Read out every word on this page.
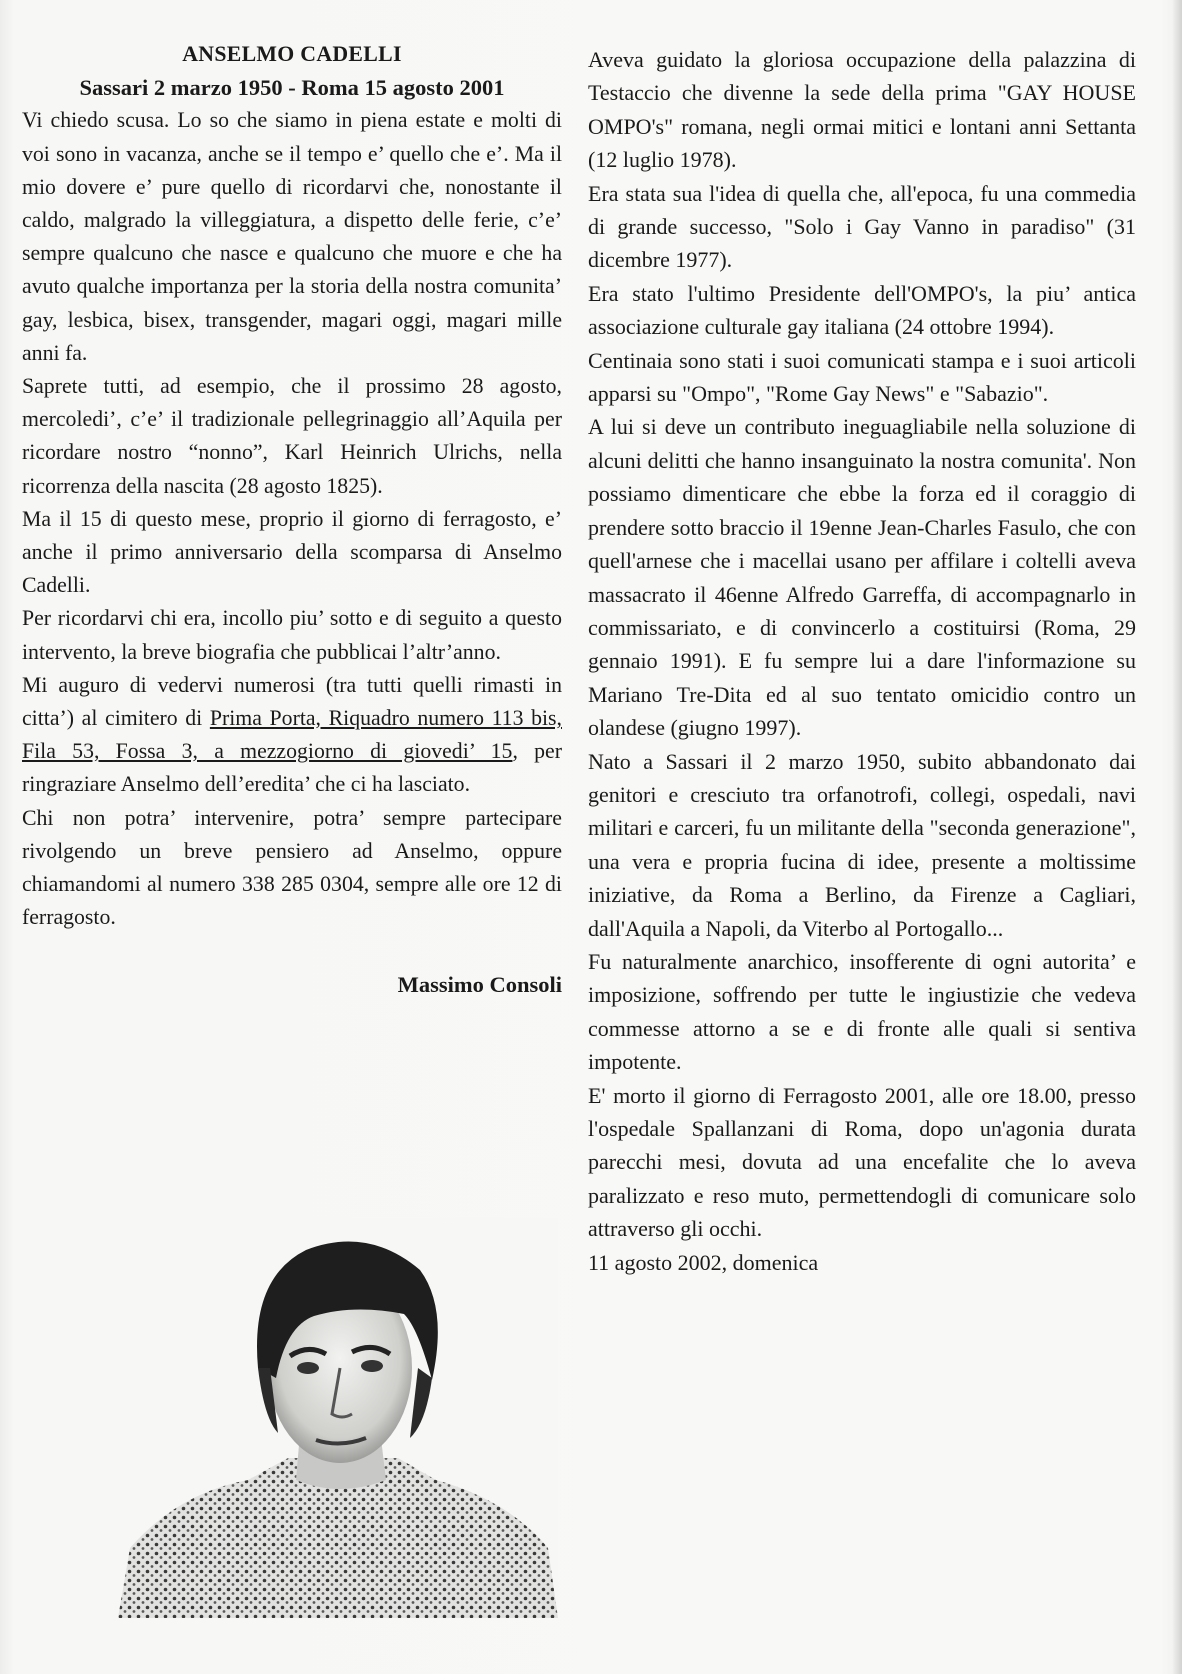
ANSELMO CADELLI
Sassari 2 marzo 1950 - Roma 15 agosto 2001

Vi chiedo scusa. Lo so che siamo in piena estate e molti di voi sono in vacanza, anche se il tempo e’ quello che e’. Ma il mio dovere e’ pure quello di ricordarvi che, nonostante il caldo, malgrado la villeggiatura, a dispetto delle ferie, c’e’ sempre qualcuno che nasce e qualcuno che muore e che ha avuto qualche importanza per la storia della nostra comunita’ gay, lesbica, bisex, transgender, magari oggi, magari mille anni fa.

Saprete tutti, ad esempio, che il prossimo 28 agosto, mercoledi’, c’e’ il tradizionale pellegrinaggio all’Aquila per ricordare nostro “nonno”, Karl Heinrich Ulrichs, nella ricorrenza della nascita (28 agosto 1825).

Ma il 15 di questo mese, proprio il giorno di ferragosto, e’ anche il primo anniversario della scomparsa di Anselmo Cadelli.

Per ricordarvi chi era, incollo piu’ sotto e di seguito a questo intervento, la breve biografia che pubblicai l’altr’anno.

Mi auguro di vedervi numerosi (tra tutti quelli rimasti in citta’) al cimitero di Prima Porta, Riquadro numero 113 bis, Fila 53, Fossa 3, a mezzogiorno di giovedi’ 15, per ringraziare Anselmo dell’eredita’ che ci ha lasciato.

Chi non potra’ intervenire, potra’ sempre partecipare rivolgendo un breve pensiero ad Anselmo, oppure chiamandomi al numero 338 285 0304, sempre alle ore 12 di ferragosto.

Massimo Consoli

Aveva guidato la gloriosa occupazione della palazzina di Testaccio che divenne la sede della prima "GAY HOUSE OMPO's" romana, negli ormai mitici e lontani anni Settanta (12 luglio 1978).

Era stata sua l'idea di quella che, all'epoca, fu una commedia di grande successo, "Solo i Gay Vanno in paradiso" (31 dicembre 1977).

Era stato l'ultimo Presidente dell'OMPO's, la piu’ antica associazione culturale gay italiana (24 ottobre 1994).

Centinaia sono stati i suoi comunicati stampa e i suoi articoli apparsi su "Ompo", "Rome Gay News" e "Sabazio".

A lui si deve un contributo ineguagliabile nella soluzione di alcuni delitti che hanno insanguinato la nostra comunita'. Non possiamo dimenticare che ebbe la forza ed il coraggio di prendere sotto braccio il 19enne Jean-Charles Fasulo, che con quell'arnese che i macellai usano per affilare i coltelli aveva massacrato il 46enne Alfredo Garreffa, di accompagnarlo in commissariato, e di convincerlo a costituirsi (Roma, 29 gennaio 1991). E fu sempre lui a dare l'informazione su Mariano Tre-Dita ed al suo tentato omicidio contro un olandese (giugno 1997).

Nato a Sassari il 2 marzo 1950, subito abbandonato dai genitori e cresciuto tra orfanotrofi, collegi, ospedali, navi militari e carceri, fu un militante della "seconda generazione", una vera e propria fucina di idee, presente a moltissime iniziative, da Roma a Berlino, da Firenze a Cagliari, dall'Aquila a Napoli, da Viterbo al Portogallo...

Fu naturalmente anarchico, insofferente di ogni autorita’ e imposizione, soffrendo per tutte le ingiustizie che vedeva commesse attorno a se e di fronte alle quali si sentiva impotente.

E' morto il giorno di Ferragosto 2001, alle ore 18.00, presso l'ospedale Spallanzani di Roma, dopo un'agonia durata parecchi mesi, dovuta ad una encefalite che lo aveva paralizzato e reso muto, permettendogli di comunicare solo attraverso gli occhi.

11 agosto 2002, domenica
